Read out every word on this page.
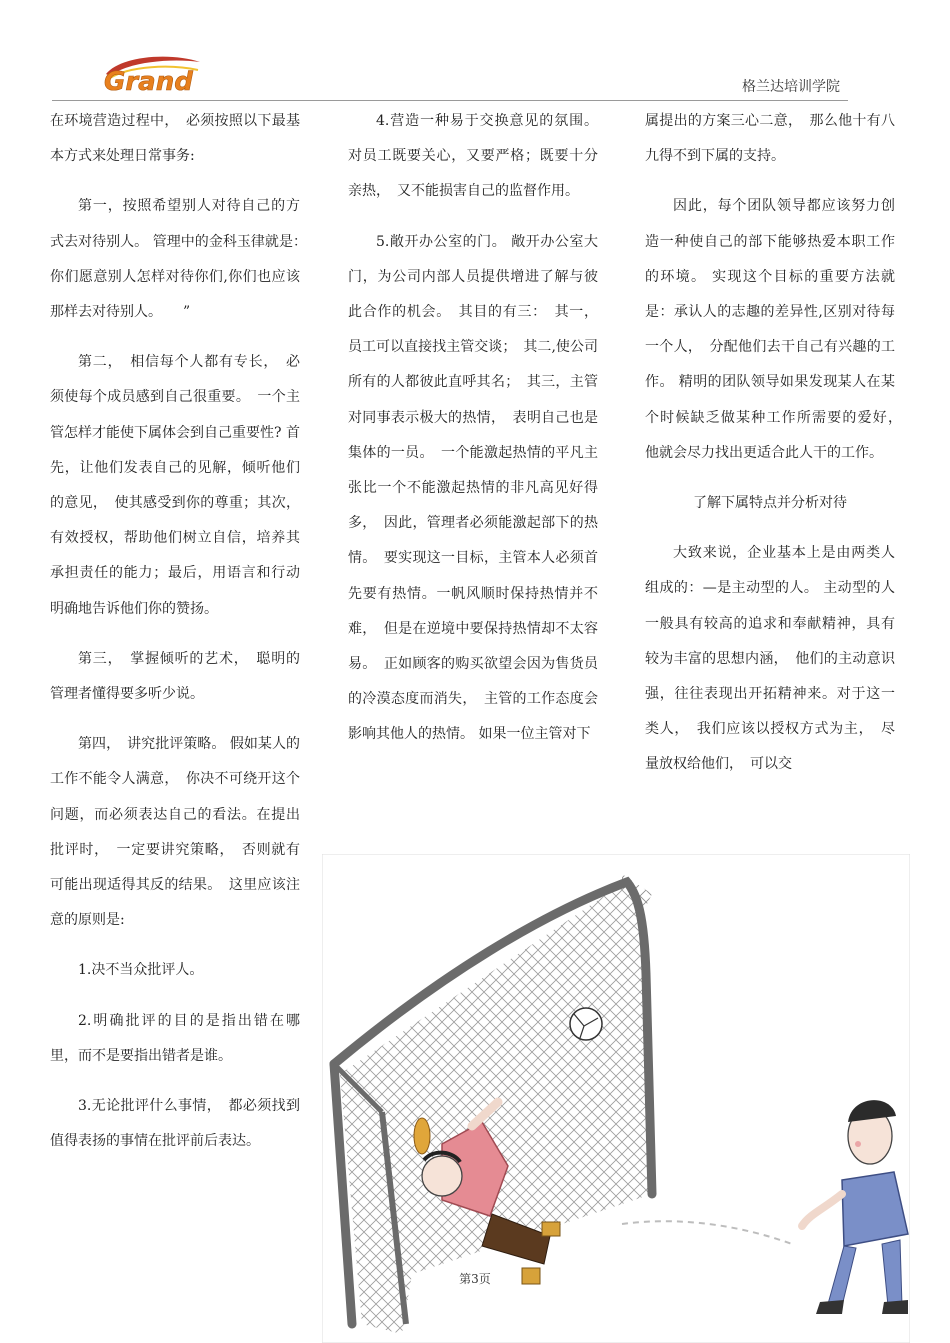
Grand	格兰达培训学院

在环境营造过程中，　必须按照以下最基本方式来处理日常事务:

第一，按照希望别人对待自己的方式去对待别人。 管理中的金科玉律就是：　你们愿意别人怎样对待你们,你们也应该那样去对待别人。　　”

第二，　相信每个人都有专长，　必须使每个成员感到自己很重要。　一个主管怎样才能使下属体会到自己重要性? 首先，让他们发表自己的见解，倾听他们的意见，　使其感受到你的尊重；其次，有效授权，帮助他们树立自信，培养其承担责任的能力；最后，用语言和行动明确地告诉他们你的赞扬。

第三，　掌握倾听的艺术，　聪明的管理者懂得要多听少说。

第四，　讲究批评策略。 假如某人的工作不能令人满意，　你决不可绕开这个问题，而必须表达自己的看法。在提出批评时，　一定要讲究策略，　否则就有可能出现适得其反的结果。　这里应该注意的原则是:

1.决不当众批评人。

2.明确批评的目的是指出错在哪里，而不是要指出错者是谁。

3.无论批评什么事情，　都必须找到值得表扬的事情在批评前后表达。

4.营造一种易于交换意见的氛围。对员工既要关心，又要严格；既要十分亲热，　又不能损害自己的监督作用。

5.敞开办公室的门。 敞开办公室大门，为公司内部人员提供增进了解与彼此合作的机会。　其目的有三：　其一，员工可以直接找主管交谈；　其二,使公司所有的人都彼此直呼其名；　其三，主管对同事表示极大的热情，　表明自己也是集体的一员。　一个能激起热情的平凡主张比一个不能激起热情的非凡高见好得多，　因此，管理者必须能激起部下的热情。　要实现这一目标，主管本人必须首先要有热情。一帆风顺时保持热情并不难，　但是在逆境中要保持热情却不太容易。　正如顾客的购买欲望会因为售货员的冷漠态度而消失，　主管的工作态度会影响其他人的热情。 如果一位主管对下

属提出的方案三心二意，　那么他十有八九得不到下属的支持。

因此，每个团队领导都应该努力创造一种使自己的部下能够热爱本职工作的环境。 实现这个目标的重要方法就是：承认人的志趣的差异性,区别对待每一个人，　分配他们去干自己有兴趣的工作。 精明的团队领导如果发现某人在某个时候缺乏做某种工作所需要的爱好，　他就会尽力找出更适合此人干的工作。

了解下属特点并分析对待

大致来说，企业基本上是由两类人组成的：—是主动型的人。 主动型的人一般具有较高的追求和奉献精神，具有较为丰富的思想内涵，　他们的主动意识强，往往表现出开拓精神来。对于这一类人，　我们应该以授权方式为主，　尽量放权给他们，　可以交

第3页
